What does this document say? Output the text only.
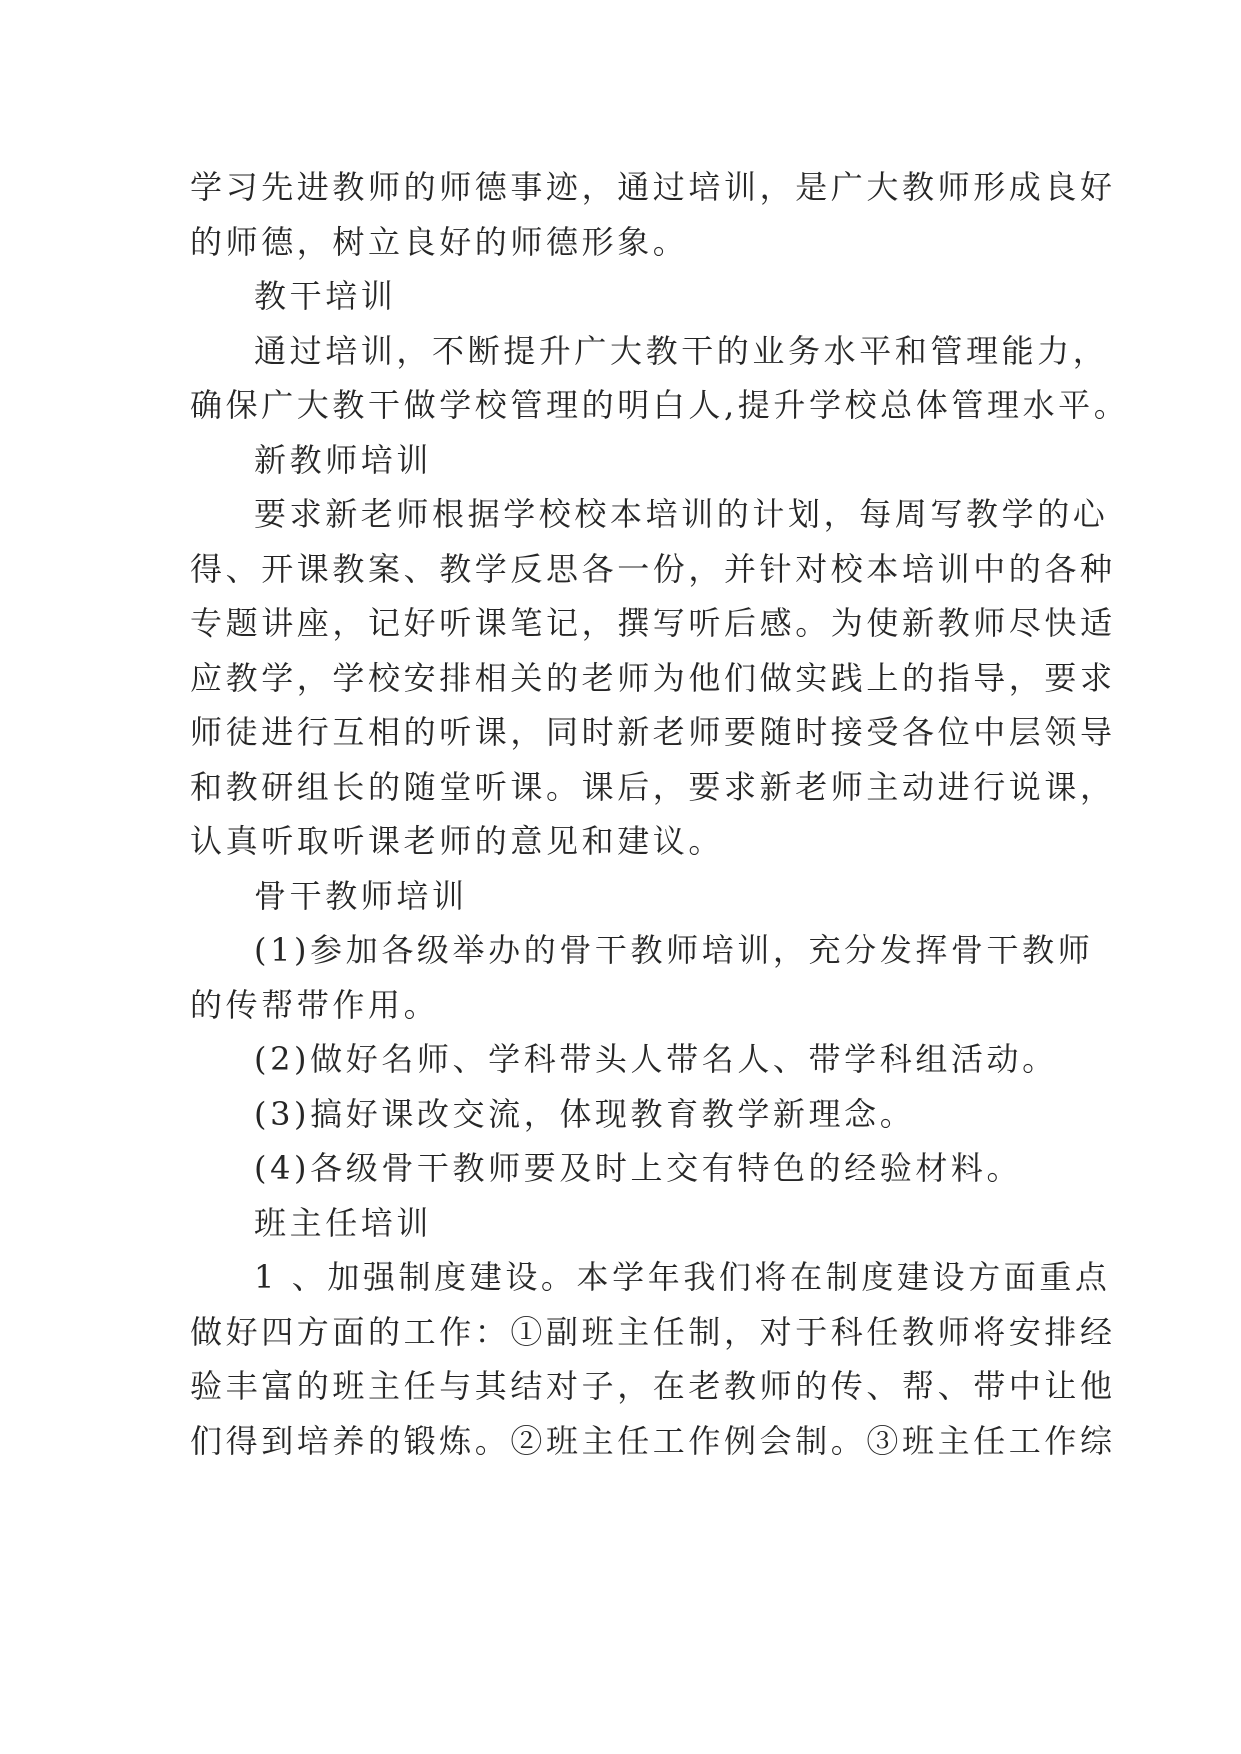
学习先进教师的师德事迹，通过培训，是广大教师形成良好
的师德，树立良好的师德形象。
教干培训
通过培训，不断提升广大教干的业务水平和管理能力，
确保广大教干做学校管理的明白人,提升学校总体管理水平。
新教师培训
要求新老师根据学校校本培训的计划，每周写教学的心
得、开课教案、教学反思各一份，并针对校本培训中的各种
专题讲座，记好听课笔记，撰写听后感。为使新教师尽快适
应教学，学校安排相关的老师为他们做实践上的指导，要求
师徒进行互相的听课，同时新老师要随时接受各位中层领导
和教研组长的随堂听课。课后，要求新老师主动进行说课，
认真听取听课老师的意见和建议。
骨干教师培训
(1)参加各级举办的骨干教师培训，充分发挥骨干教师
的传帮带作用。
(2)做好名师、学科带头人带名人、带学科组活动。
(3)搞好课改交流，体现教育教学新理念。
(4)各级骨干教师要及时上交有特色的经验材料。
班主任培训
1 、加强制度建设。本学年我们将在制度建设方面重点
做好四方面的工作：①副班主任制，对于科任教师将安排经
验丰富的班主任与其结对子，在老教师的传、帮、带中让他
们得到培养的锻炼。②班主任工作例会制。③班主任工作综
